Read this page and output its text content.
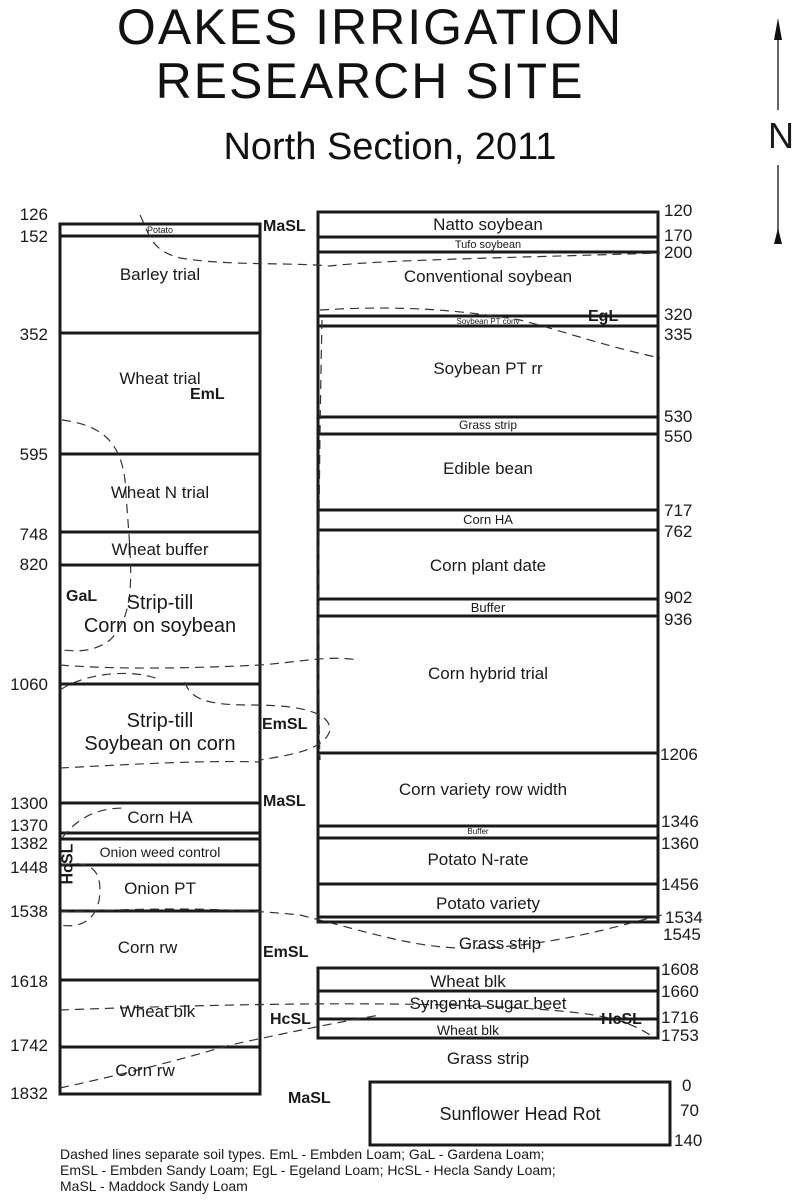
OAKES IRRIGATION
RESEARCH SITE
North Section, 2011	N
Potato
Barley trial
Wheat trial
Wheat N trial
Wheat buffer
Strip-till
Corn on soybean
Strip-till
Soybean on corn
Corn HA
Onion weed control
Onion PT
Corn rw
Wheat blk
Corn rw
Natto soybean
Tufo soybean
Conventional soybean
Soybean PT conv
Soybean PT rr
Grass strip
Edible bean
Corn HA
Corn plant date
Buffer
Corn hybrid trial
Corn variety row width
Buffer
Potato N-rate
Potato variety
Grass strip
Wheat blk
Syngenta sugar beet
Wheat blk
Grass strip
Sunflower Head Rot
126
152
352
595
748
820
1060
1300
1370
1382
1448
1538
1618
1742
1832
120
170
200
320
335
530
550
717
762
902
936
1206
1346
1360
1456
1534
1545
1608
1660
1716
1753
0
70
140
MaSL
EgL
EmL
GaL
EmSL
MaSL
HcSL
EmSL
HcSL	HcSL
MaSL
Dashed lines separate soil types. EmL - Embden Loam; GaL - Gardena Loam;
EmSL - Embden Sandy Loam; EgL - Egeland Loam; HcSL - Hecla Sandy Loam;
MaSL - Maddock Sandy Loam
